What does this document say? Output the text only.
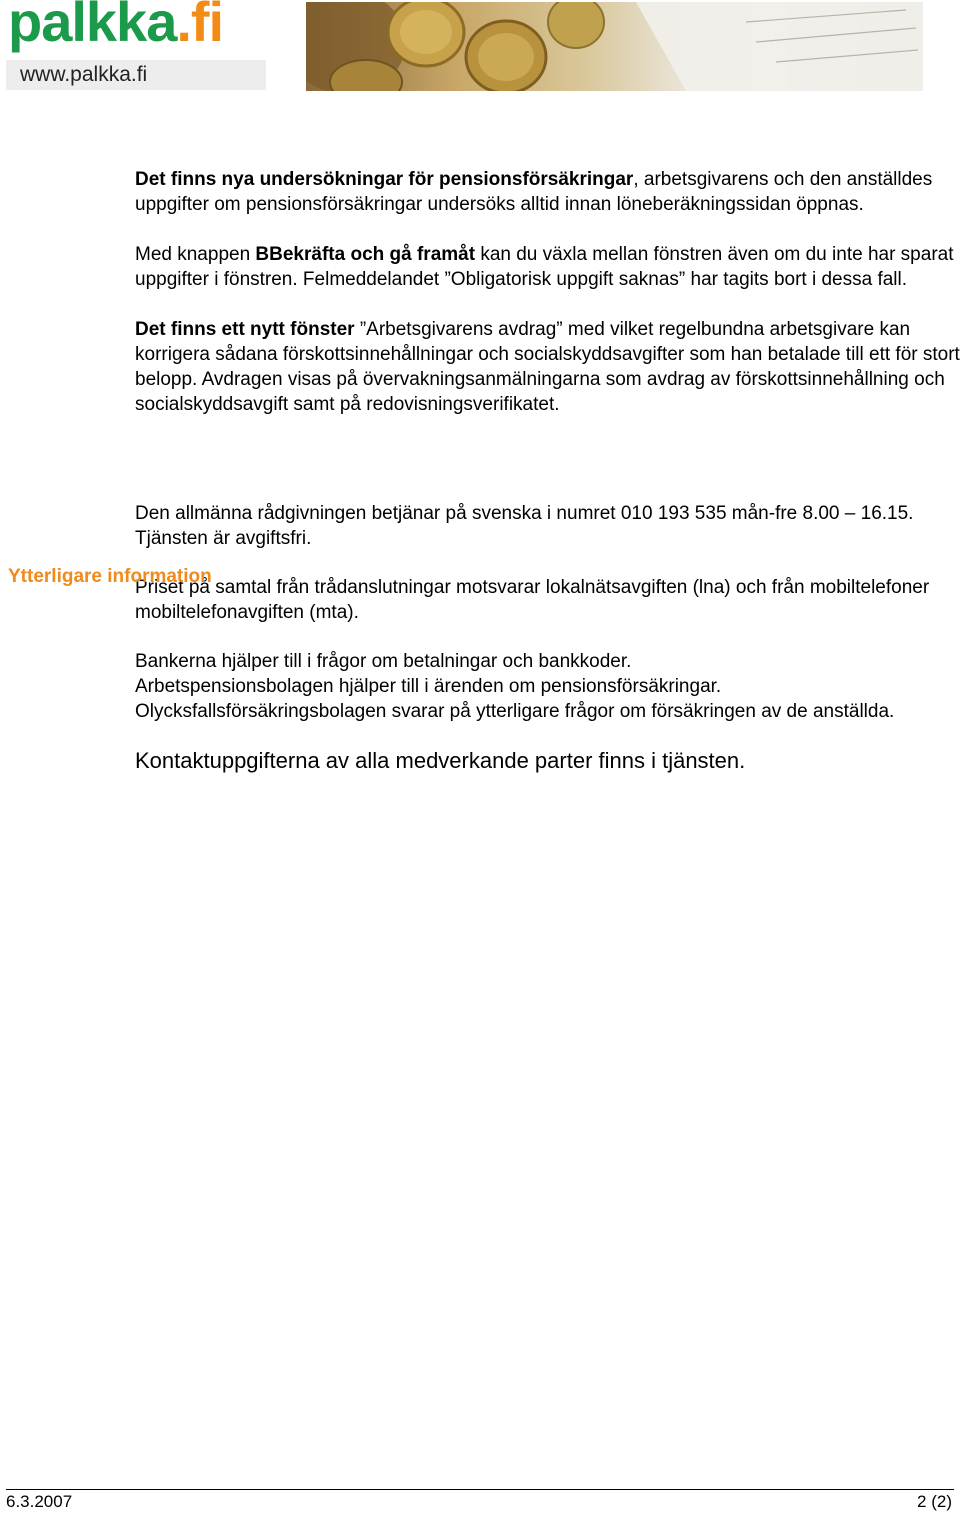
palkka.fi
www.palkka.fi

Det finns nya undersökningar för pensionsförsäkringar, arbetsgivarens och den anställdes uppgifter om pensionsförsäkringar undersöks alltid innan löneberäkningssidan öppnas.

Med knappen BBekräfta och gå framåt kan du växla mellan fönstren även om du inte har sparat uppgifter i fönstren. Felmeddelandet ”Obligatorisk uppgift saknas” har tagits bort i dessa fall.

Det finns ett nytt fönster ”Arbetsgivarens avdrag” med vilket regelbundna arbetsgivare kan korrigera sådana förskottsinnehållningar och socialskyddsavgifter som han betalade till ett för stort belopp. Avdragen visas på övervakningsanmälningarna som avdrag av förskottsinnehållning och socialskyddsavgift samt på redovisningsverifikatet.

Den allmänna rådgivningen betjänar på svenska i numret 010 193 535 mån-fre 8.00 – 16.15. Tjänsten är avgiftsfri.

Priset på samtal från trådanslutningar motsvarar lokalnätsavgiften (lna) och från mobiltelefoner mobiltelefonavgiften (mta).

Bankerna hjälper till i frågor om betalningar och bankkoder.

Arbetspensionsbolagen hjälper till i ärenden om pensionsförsäkringar.

Olycksfallsförsäkringsbolagen svarar på ytterligare frågor om försäkringen av de anställda.

Kontaktuppgifterna av alla medverkande parter finns i tjänsten.

Ytterligare information
6.3.2007	2 (2)
